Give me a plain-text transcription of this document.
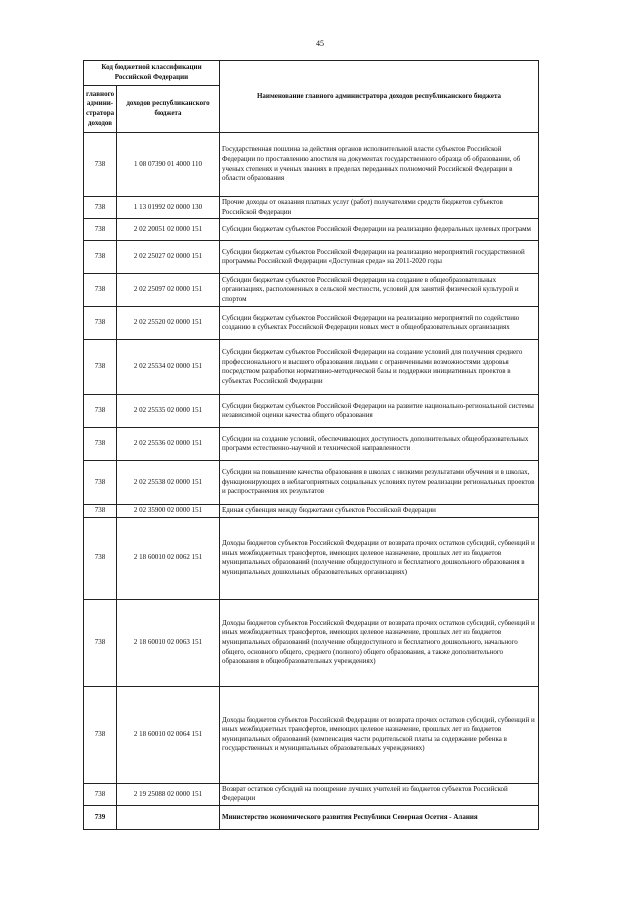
45
Код бюджетной классификации Российской Федерации		Наименование главного администратора доходов республиканского бюджета
главного админи-стратора доходов	доходов республиканского бюджета	
738	1 08 07390 01 4000 110	Государственная пошлина за действия органов исполнительной власти субъектов Российской Федерации по проставлению апостиля на документах государственного образца об образовании, об ученых степенях и ученых званиях в пределах переданных полномочий Российской Федерации в области образования
738	1 13 01992 02 0000 130	Прочие доходы от оказания платных услуг (работ) получателями средств бюджетов субъектов Российской Федерации
738	2 02 20051 02 0000 151	Субсидии бюджетам субъектов Российской Федерации на реализацию федеральных целевых программ
738	2 02 25027 02 0000 151	Субсидии бюджетам субъектов Российской Федерации на реализацию мероприятий государственной программы Российской Федерации «Доступная среда» на 2011-2020 годы
738	2 02 25097 02 0000 151	Субсидии бюджетам субъектов Российской Федерации на создание в общеобразовательных организациях, расположенных в сельской местности, условий для занятий физической культурой и спортом
738	2 02 25520 02 0000 151	Субсидии бюджетам субъектов Российской Федерации на реализацию мероприятий по содействию созданию в субъектах Российской Федерации новых мест в общеобразовательных организациях
738	2 02 25534 02 0000 151	Субсидии бюджетам субъектов Российской Федерации на создание условий для получения среднего профессионального и высшего образования людьми с ограниченными возможностями здоровья посредством разработки нормативно-методической базы и поддержки инициативных проектов в субъектах Российской Федерации
738	2 02 25535 02 0000 151	Субсидии бюджетам субъектов Российской Федерации на развитие национально-региональной системы независимой оценки качества общего образования
738	2 02 25536 02 0000 151	Субсидии на создание условий, обеспечивающих доступность дополнительных общеобразовательных программ естественно-научной и технической направленности
738	2 02 25538 02 0000 151	Субсидии на повышение качества образования в школах с низкими результатами обучения и в школах, функционирующих в неблагоприятных социальных условиях путем реализации региональных проектов и распространения их результатов
738	2 02 35900 02 0000 151	Единая субвенция между бюджетами субъектов Российской Федерации
738	2 18 60010 02 0062 151	Доходы бюджетов субъектов Российской Федерации от возврата прочих остатков субсидий, субвенций и иных межбюджетных трансфертов, имеющих целевое назначение, прошлых лет из бюджетов муниципальных образований (получение общедоступного и бесплатного дошкольного образования в муниципальных дошкольных образовательных организациях)
738	2 18 60010 02 0063 151	Доходы бюджетов субъектов Российской Федерации от возврата прочих остатков субсидий, субвенций и иных межбюджетных трансфертов, имеющих целевое назначение, прошлых лет из бюджетов муниципальных образований (получение общедоступного и бесплатного дошкольного, начального общего, основного общего, среднего (полного) общего образования, а также дополнительного образования в общеобразовательных учреждениях)
738	2 18 60010 02 0064 151	Доходы бюджетов субъектов Российской Федерации от возврата прочих остатков субсидий, субвенций и иных межбюджетных трансфертов, имеющих целевое назначение, прошлых лет из бюджетов муниципальных образований (компенсация части родительской платы за содержание ребенка в государственных и муниципальных образовательных учреждениях)
738	2 19 25088 02 0000 151	Возврат остатков субсидий на поощрение лучших учителей из бюджетов субъектов Российской Федерации
739		Министерство экономического развития Республики Северная Осетия - Алания
